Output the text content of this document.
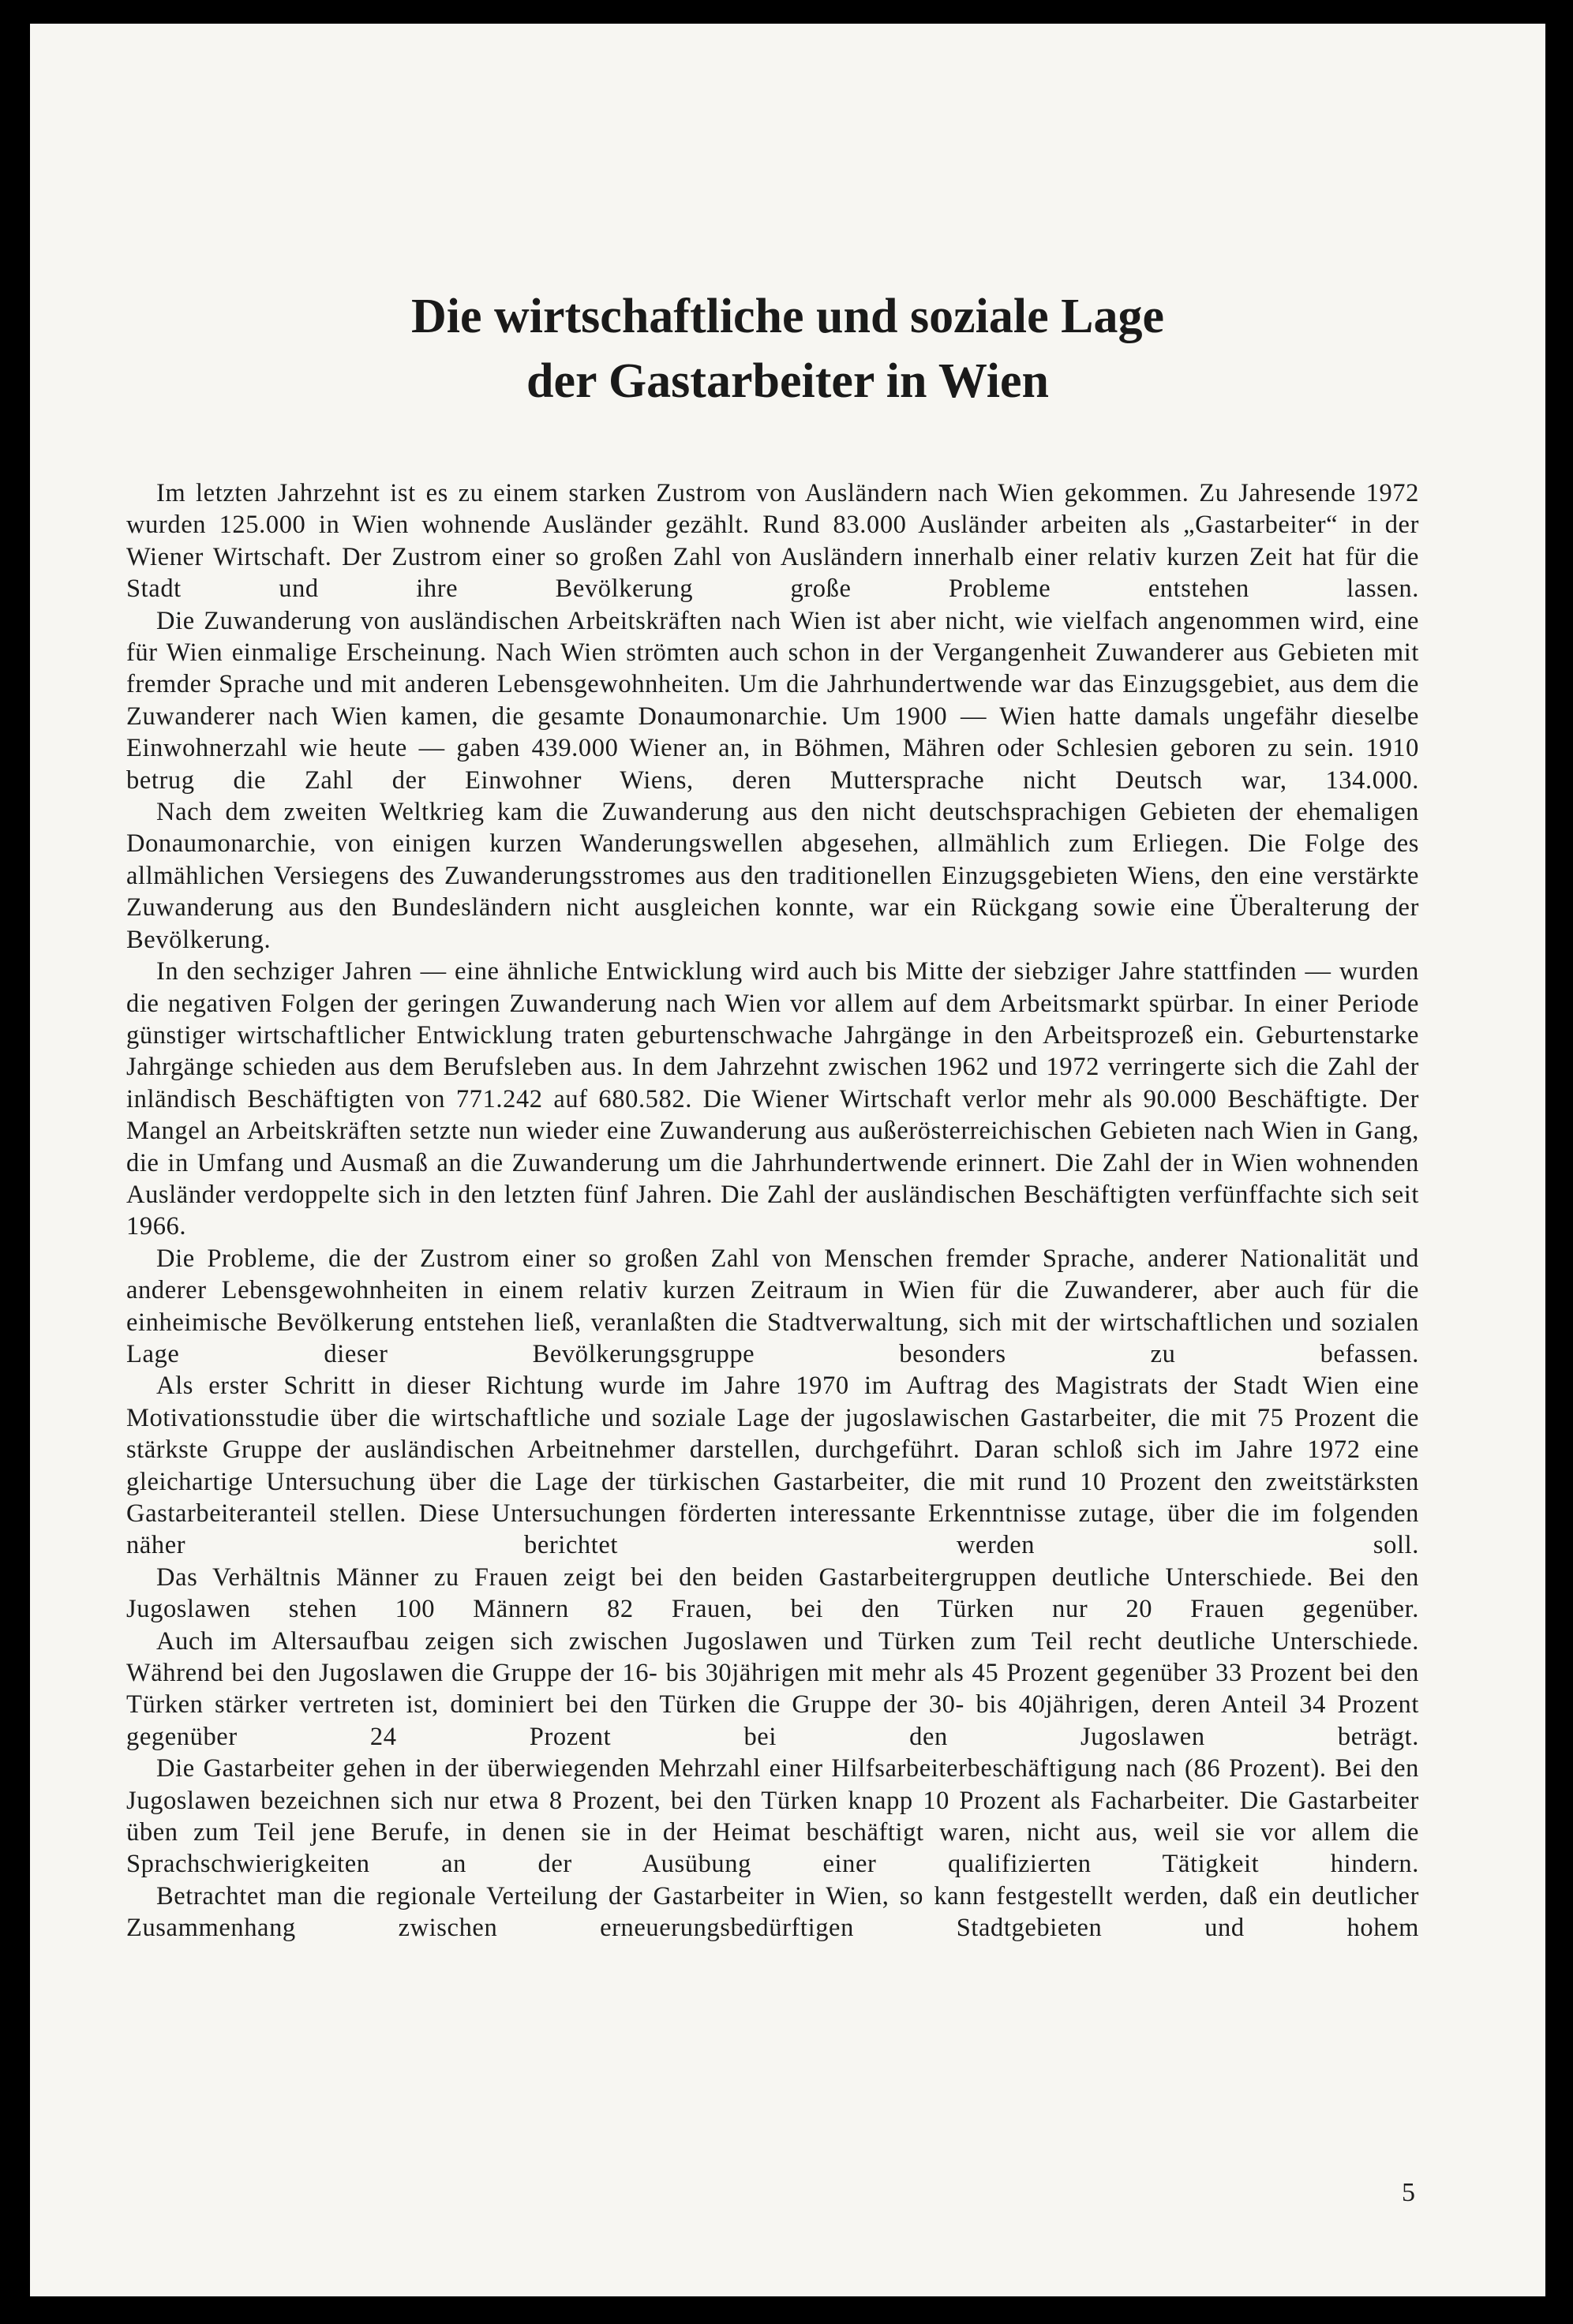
Die wirtschaftliche und soziale Lage
der Gastarbeiter in Wien

Im letzten Jahrzehnt ist es zu einem starken Zustrom von Ausländern nach Wien gekommen. Zu Jahresende 1972 wurden 125.000 in Wien wohnende Ausländer gezählt. Rund 83.000 Ausländer arbeiten als „Gastarbeiter“ in der Wiener Wirtschaft. Der Zustrom einer so großen Zahl von Ausländern innerhalb einer relativ kurzen Zeit hat für die Stadt und ihre Bevölkerung große Probleme entstehen lassen.

Die Zuwanderung von ausländischen Arbeitskräften nach Wien ist aber nicht, wie vielfach angenommen wird, eine für Wien einmalige Erscheinung. Nach Wien strömten auch schon in der Vergangenheit Zuwanderer aus Gebieten mit fremder Sprache und mit anderen Lebensgewohnheiten. Um die Jahrhundertwende war das Einzugsgebiet, aus dem die Zuwanderer nach Wien kamen, die gesamte Donaumonarchie. Um 1900 — Wien hatte damals ungefähr dieselbe Einwohnerzahl wie heute — gaben 439.000 Wiener an, in Böhmen, Mähren oder Schlesien geboren zu sein. 1910 betrug die Zahl der Einwohner Wiens, deren Muttersprache nicht Deutsch war, 134.000.

Nach dem zweiten Weltkrieg kam die Zuwanderung aus den nicht deutschsprachigen Gebieten der ehemaligen Donaumonarchie, von einigen kurzen Wanderungswellen abgesehen, allmählich zum Erliegen. Die Folge des allmählichen Versiegens des Zuwanderungsstromes aus den traditionellen Einzugsgebieten Wiens, den eine verstärkte Zuwanderung aus den Bundesländern nicht ausgleichen konnte, war ein Rückgang sowie eine Überalterung der Bevölkerung.

In den sechziger Jahren — eine ähnliche Entwicklung wird auch bis Mitte der siebziger Jahre stattfinden — wurden die negativen Folgen der geringen Zuwanderung nach Wien vor allem auf dem Arbeitsmarkt spürbar. In einer Periode günstiger wirtschaftlicher Entwicklung traten geburtenschwache Jahrgänge in den Arbeitsprozeß ein. Geburtenstarke Jahrgänge schieden aus dem Berufsleben aus. In dem Jahrzehnt zwischen 1962 und 1972 verringerte sich die Zahl der inländisch Beschäftigten von 771.242 auf 680.582. Die Wiener Wirtschaft verlor mehr als 90.000 Beschäftigte. Der Mangel an Arbeitskräften setzte nun wieder eine Zuwanderung aus außerösterreichischen Gebieten nach Wien in Gang, die in Umfang und Ausmaß an die Zuwanderung um die Jahrhundertwende erinnert. Die Zahl der in Wien wohnenden Ausländer verdoppelte sich in den letzten fünf Jahren. Die Zahl der ausländischen Beschäftigten verfünffachte sich seit 1966.

Die Probleme, die der Zustrom einer so großen Zahl von Menschen fremder Sprache, anderer Nationalität und anderer Lebensgewohnheiten in einem relativ kurzen Zeitraum in Wien für die Zuwanderer, aber auch für die einheimische Bevölkerung entstehen ließ, veranlaßten die Stadtverwaltung, sich mit der wirtschaftlichen und sozialen Lage dieser Bevölkerungsgruppe besonders zu befassen.

Als erster Schritt in dieser Richtung wurde im Jahre 1970 im Auftrag des Magistrats der Stadt Wien eine Motivationsstudie über die wirtschaftliche und soziale Lage der jugoslawischen Gastarbeiter, die mit 75 Prozent die stärkste Gruppe der ausländischen Arbeitnehmer darstellen, durchgeführt. Daran schloß sich im Jahre 1972 eine gleichartige Untersuchung über die Lage der türkischen Gastarbeiter, die mit rund 10 Prozent den zweitstärksten Gastarbeiteranteil stellen. Diese Untersuchungen förderten interessante Erkenntnisse zutage, über die im folgenden näher berichtet werden soll.

Das Verhältnis Männer zu Frauen zeigt bei den beiden Gastarbeitergruppen deutliche Unterschiede. Bei den Jugoslawen stehen 100 Männern 82 Frauen, bei den Türken nur 20 Frauen gegenüber.

Auch im Altersaufbau zeigen sich zwischen Jugoslawen und Türken zum Teil recht deutliche Unterschiede. Während bei den Jugoslawen die Gruppe der 16- bis 30jährigen mit mehr als 45 Prozent gegenüber 33 Prozent bei den Türken stärker vertreten ist, dominiert bei den Türken die Gruppe der 30- bis 40jährigen, deren Anteil 34 Prozent gegenüber 24 Prozent bei den Jugoslawen beträgt.

Die Gastarbeiter gehen in der überwiegenden Mehrzahl einer Hilfsarbeiterbeschäftigung nach (86 Prozent). Bei den Jugoslawen bezeichnen sich nur etwa 8 Prozent, bei den Türken knapp 10 Prozent als Facharbeiter. Die Gastarbeiter üben zum Teil jene Berufe, in denen sie in der Heimat beschäftigt waren, nicht aus, weil sie vor allem die Sprachschwierigkeiten an der Ausübung einer qualifizierten Tätigkeit hindern.

Betrachtet man die regionale Verteilung der Gastarbeiter in Wien, so kann festgestellt werden, daß ein deutlicher Zusammenhang zwischen erneuerungsbedürftigen Stadtgebieten und hohem

5
